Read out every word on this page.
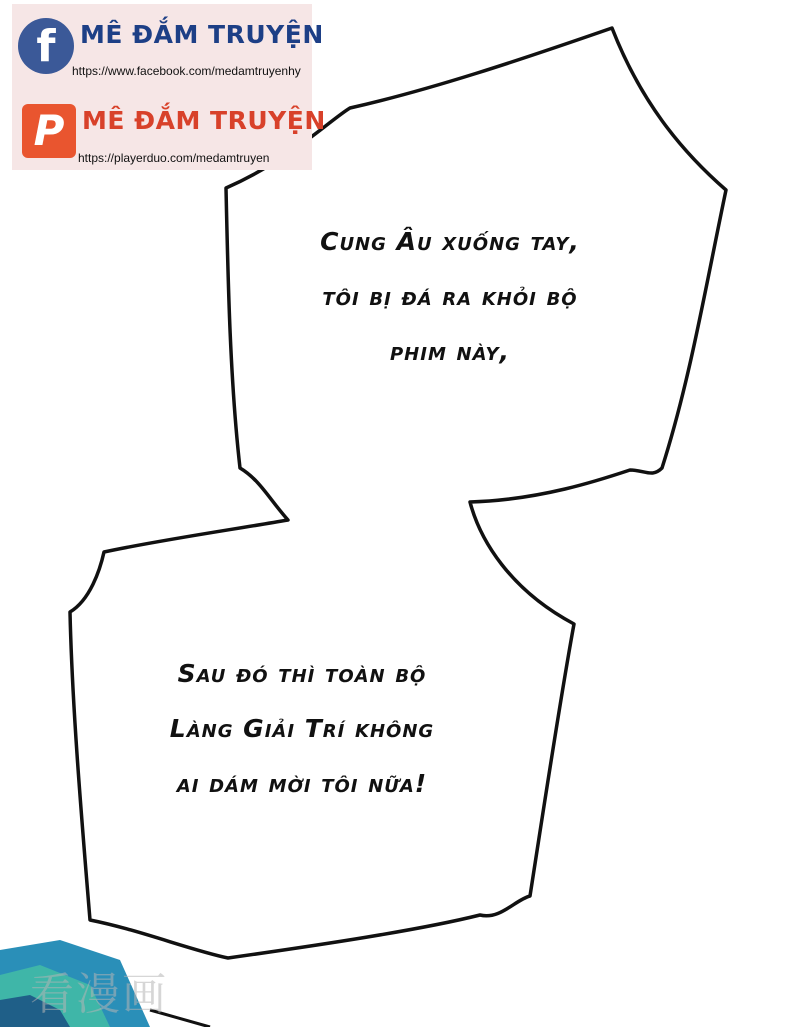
f MÊ ĐẮM TRUYỆN
https://www.facebook.com/medamtruyenhy
P MÊ ĐẮM TRUYỆN
https://playerduo.com/medamtruyen
Cung Âu xuống tay,
tôi bị đá ra khỏi bộ
phim này,
Sau đó thì toàn bộ
Làng Giải Trí không
ai dám mời tôi nữa!
看漫画
